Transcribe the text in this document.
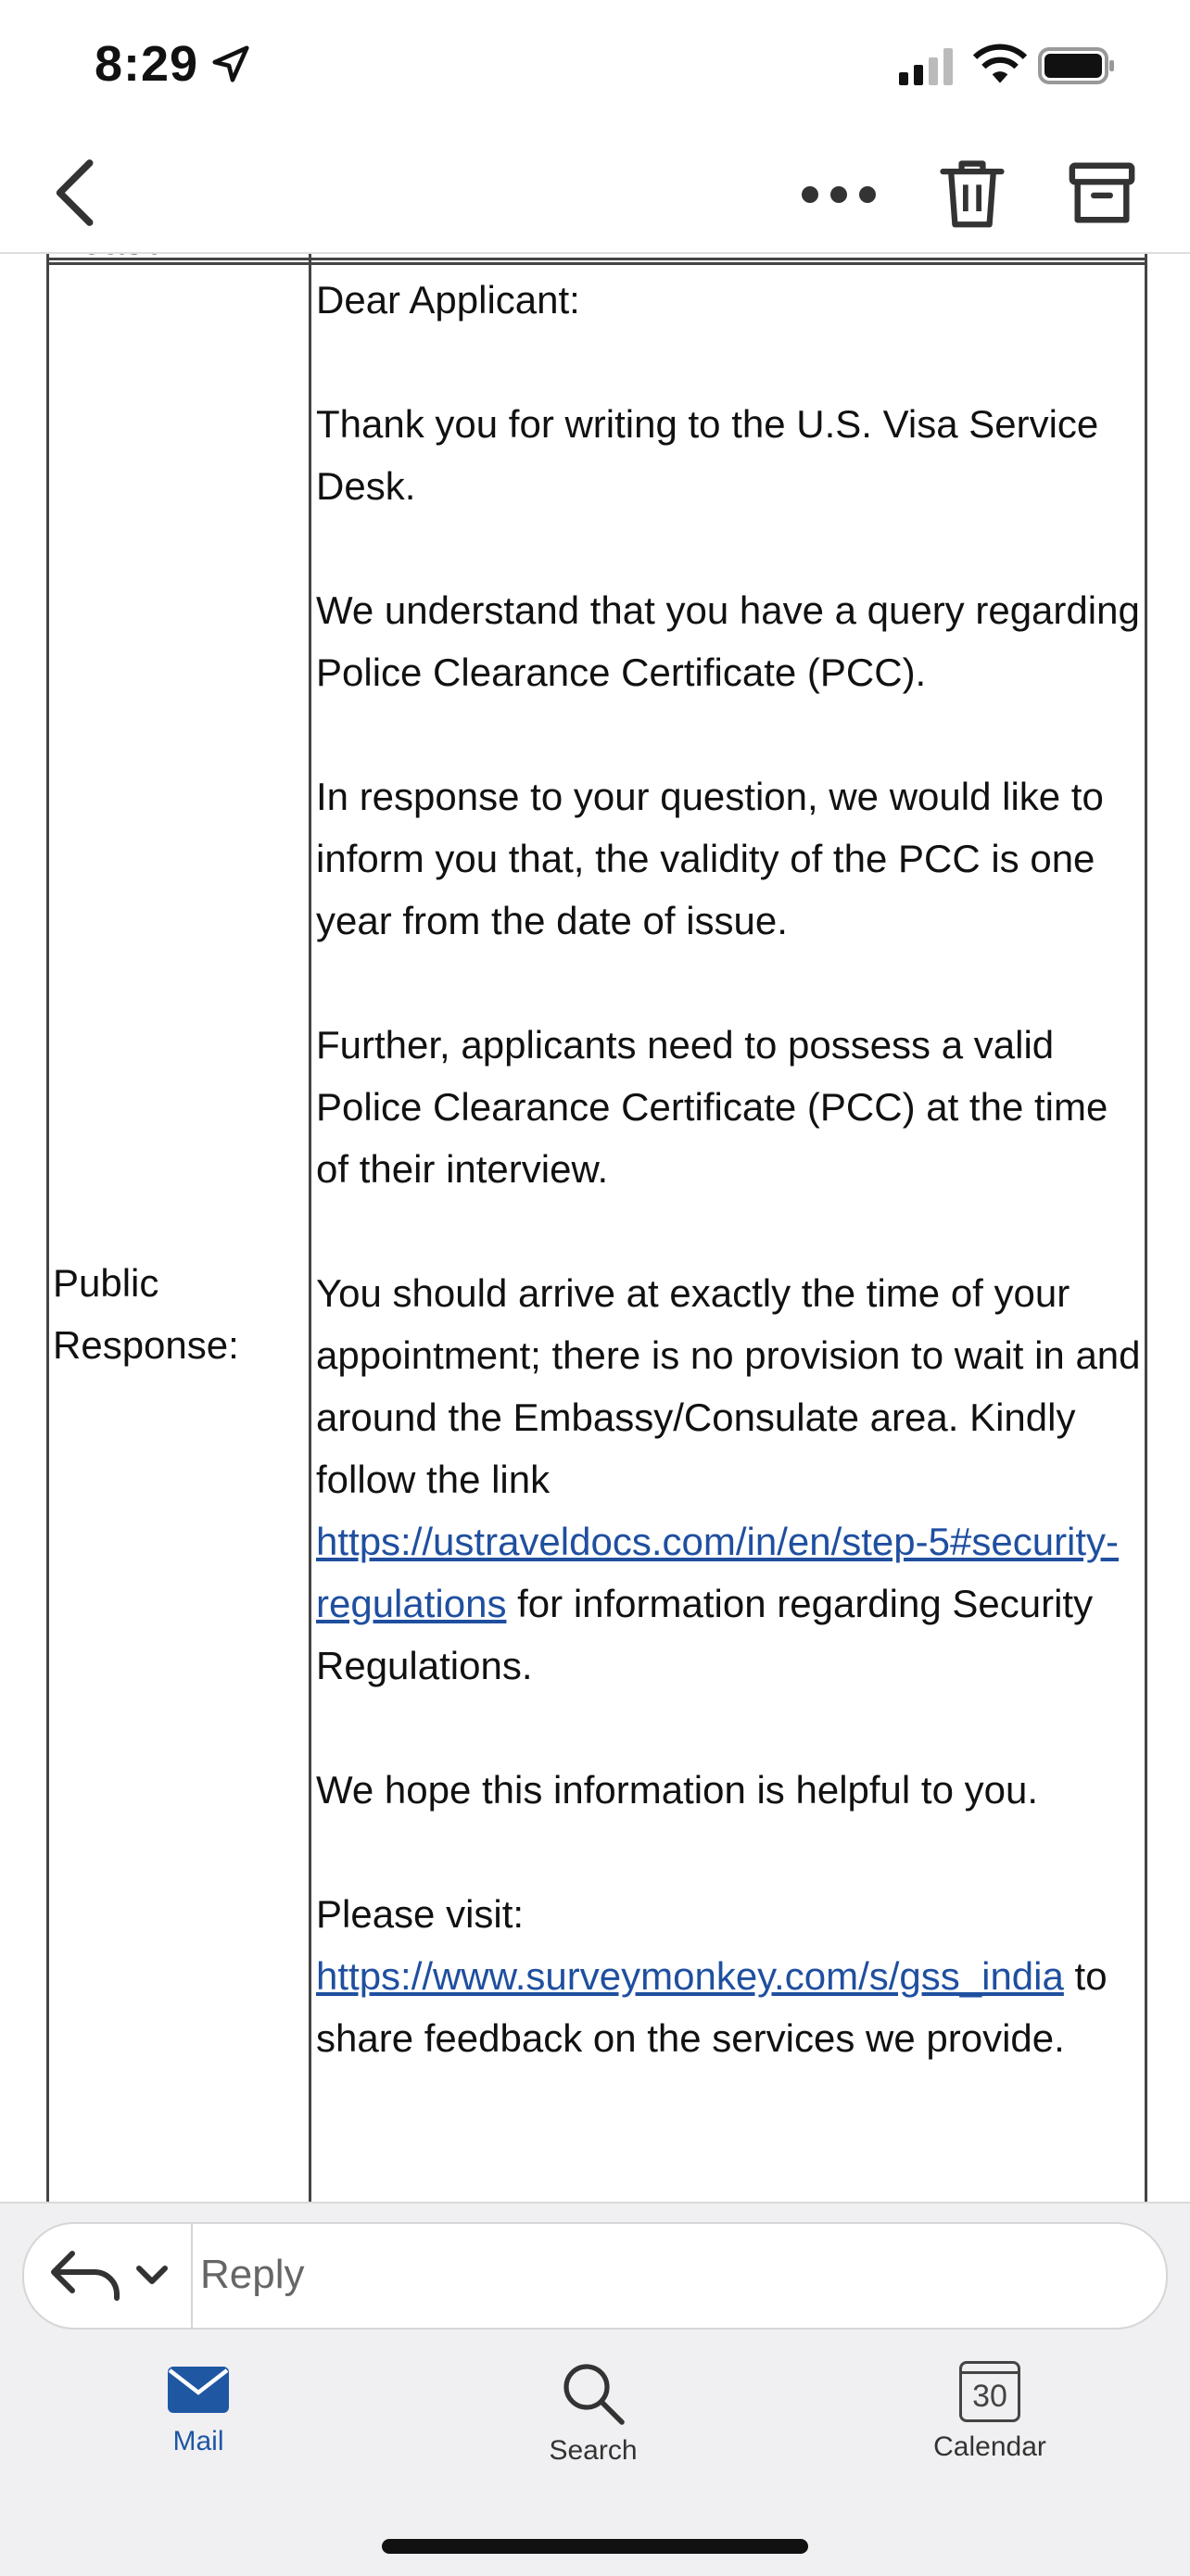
8:29
Public Response:

Dear Applicant:

Thank you for writing to the U.S. Visa Service Desk.

We understand that you have a query regarding Police Clearance Certificate (PCC).

In response to your question, we would like to inform you that, the validity of the PCC is one year from the date of issue.

Further, applicants need to possess a valid Police Clearance Certificate (PCC) at the time of their interview.

You should arrive at exactly the time of your appointment; there is no provision to wait in and around the Embassy/Consulate area. Kindly follow the link https://ustraveldocs.com/in/en/step-5#security-regulations for information regarding Security Regulations.

We hope this information is helpful to you.

Please visit: https://www.surveymonkey.com/s/gss_india to share feedback on the services we provide.

Reply
Mail	Search
30
Calendar
